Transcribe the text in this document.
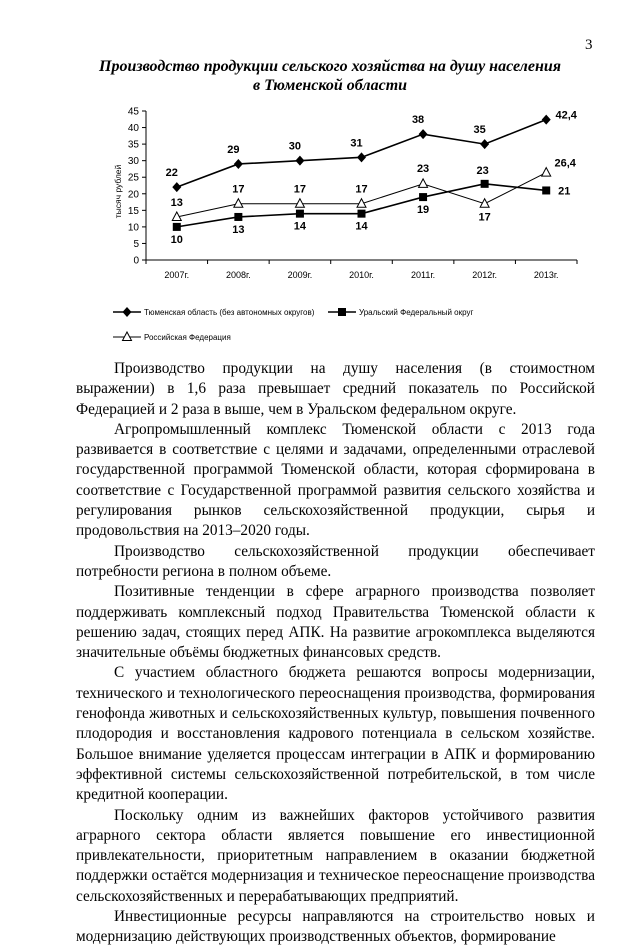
3
Производство продукции сельского хозяйства на душу населения
в Тюменской области
0
5
10
15
20
25
30
35
40
45
тысяч рублей
2007г.	2008г.	2009г.	2010г.	2011г.	2012г.	2013г.
22
29	30	31
38
35
42,4
10
13	14	14
19
23
21
13
17	17	17
23
17
26,4
Тюменская область (без автономных округов)	Уральский Федеральный округ
Российская Федерация

Производство продукции на душу населения (в стоимостном выражении) в 1,6 раза превышает средний показатель по Российской Федерацией и 2 раза в выше, чем в Уральском федеральном округе.

Агропромышленный комплекс Тюменской области с 2013 года развивается в соответствие с целями и задачами, определенными отраслевой государственной программой Тюменской области, которая сформирована в соответствие с Государственной программой развития сельского хозяйства и регулирования рынков сельскохозяйственной продукции, сырья и продовольствия на 2013–2020 годы.

Производство сельскохозяйственной продукции обеспечивает потребности региона в полном объеме.

Позитивные тенденции в сфере аграрного производства позволяет поддерживать комплексный подход Правительства Тюменской области к решению задач, стоящих перед АПК. На развитие агрокомплекса выделяются значительные объёмы бюджетных финансовых средств.

С участием областного бюджета решаются вопросы модернизации, технического и технологического переоснащения производства, формирования генофонда животных и сельскохозяйственных культур, повышения почвенного плодородия и восстановления кадрового потенциала в сельском хозяйстве. Большое внимание уделяется процессам интеграции в АПК и формированию эффективной системы сельскохозяйственной потребительской, в том числе кредитной кооперации.

Поскольку одним из важнейших факторов устойчивого развития аграрного сектора области является повышение его инвестиционной привлекательности, приоритетным направлением в оказании бюджетной поддержки остаётся модернизация и техническое переоснащение производства сельскохозяйственных и перерабатывающих предприятий.

Инвестиционные ресурсы направляются на строительство новых и модернизацию действующих производственных объектов, формирование
